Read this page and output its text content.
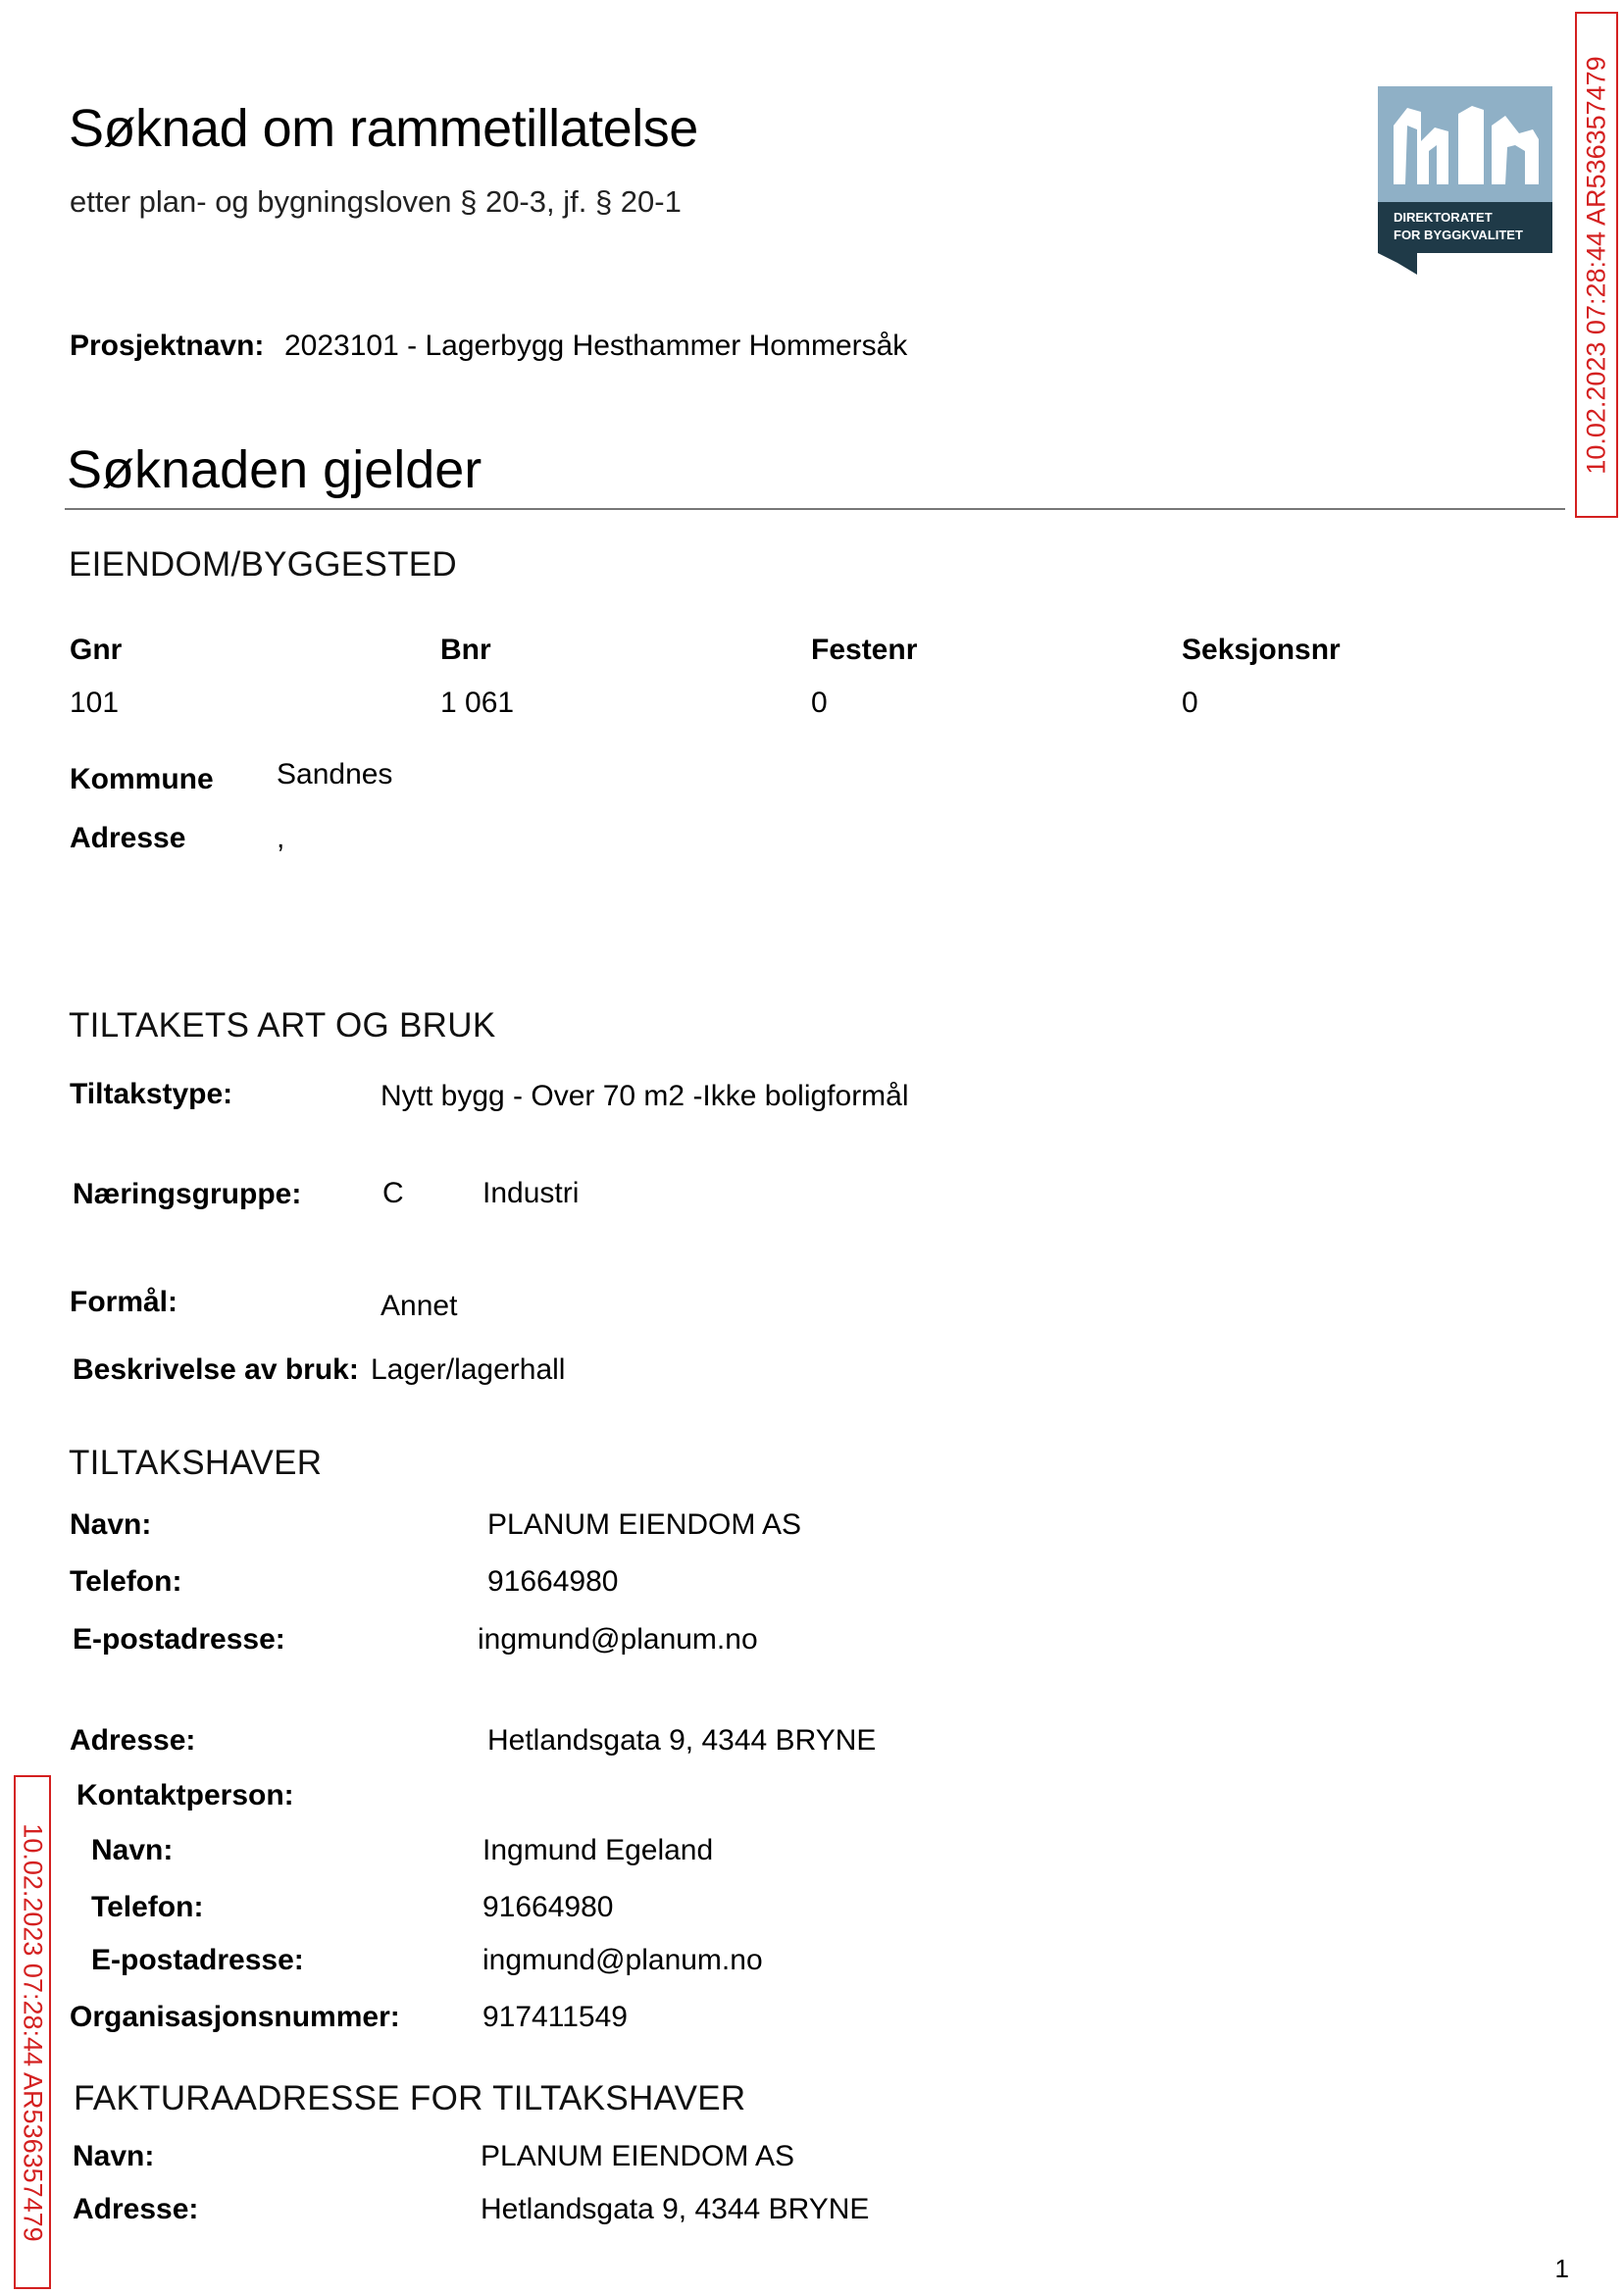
Søknad om rammetillatelse
etter plan- og bygningsloven § 20-3, jf. § 20-1	DIREKTORATET
FOR BYGGKVALITET 10.02.2023 07:28:44 AR536357479
10.02.2023 07:28:44 AR536357479
Prosjektnavn: 2023101 - Lagerbygg Hesthammer Hommersåk
Søknaden gjelder
EIENDOM/BYGGESTED
Gnr	Bnr	Festenr	Seksjonsnr
101	1 061	0	0
Kommune Sandnes
Adresse	,
TILTAKETS ART OG BRUK
Tiltakstype:	Nytt bygg - Over 70 m2 -Ikke boligformål
Næringsgruppe:	C	Industri
Formål:	Annet
Beskrivelse av bruk: Lager/lagerhall
TILTAKSHAVER
Navn:	PLANUM EIENDOM AS
Telefon:	91664980
E-postadresse:	ingmund@planum.no
Adresse:	Hetlandsgata 9, 4344 BRYNE
Kontaktperson:
Navn:	Ingmund Egeland
Telefon:	91664980
E-postadresse:	ingmund@planum.no
Organisasjonsnummer:	917411549
FAKTURAADRESSE FOR TILTAKSHAVER
Navn:	PLANUM EIENDOM AS
Adresse:	Hetlandsgata 9, 4344 BRYNE
1
